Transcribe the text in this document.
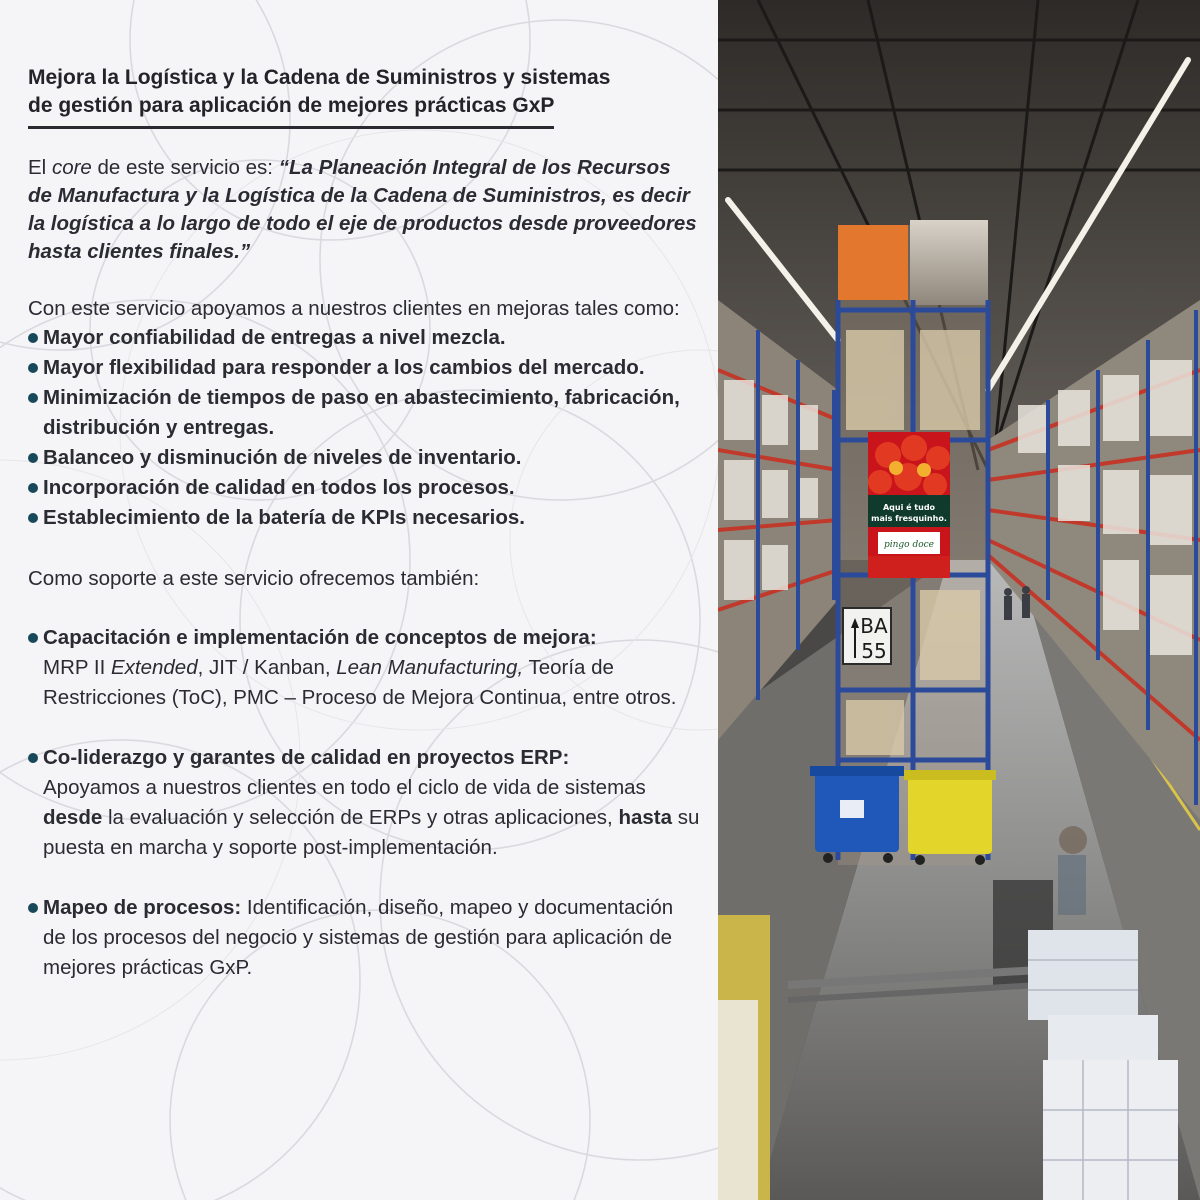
Mejora la Logística y la Cadena de Suministros y sistemas
de gestión para aplicación de mejores prácticas GxP

El core de este servicio es: “La Planeación Integral de los Recursos de Manufactura y la Logística de la Cadena de Suministros, es decir la logística a lo largo de todo el eje de productos desde proveedores hasta clientes finales.”

Con este servicio apoyamos a nuestros clientes en mejoras tales como:

Mayor confiabilidad de entregas a nivel mezcla.
Mayor flexibilidad para responder a los cambios del mercado.
Minimización de tiempos de paso en abastecimiento, fabricación, distribución y entregas.
Balanceo y disminución de niveles de inventario.
Incorporación de calidad en todos los procesos.
Establecimiento de la batería de KPIs necesarios.

Como soporte a este servicio ofrecemos también:

Capacitación e implementación de conceptos de mejora:
MRP II Extended, JIT / Kanban, Lean Manufacturing, Teoría de Restricciones (ToC), PMC – Proceso de Mejora Continua, entre otros.

Co-liderazgo y garantes de calidad en proyectos ERP:
Apoyamos a nuestros clientes en todo el ciclo de vida de sistemas desde la evaluación y selección de ERPs y otras aplicaciones, hasta su puesta en marcha y soporte post-implementación.

Mapeo de procesos: Identificación, diseño, mapeo y documentación de los procesos del negocio y sistemas de gestión para aplicación de mejores prácticas GxP.

Aqui é tudo
mais fresquinho.
pingo doce
BA
55
